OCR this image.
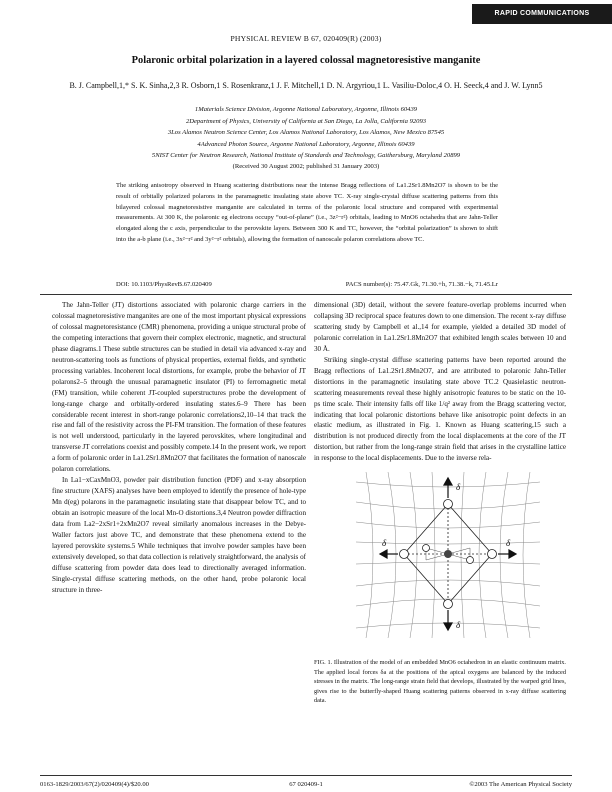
RAPID COMMUNICATIONS
PHYSICAL REVIEW B 67, 020409(R) (2003)
Polaronic orbital polarization in a layered colossal magnetoresistive manganite
B. J. Campbell,1,* S. K. Sinha,2,3 R. Osborn,1 S. Rosenkranz,1 J. F. Mitchell,1 D. N. Argyriou,1 L. Vasiliu-Doloc,4 O. H. Seeck,4 and J. W. Lynn5
1Materials Science Division, Argonne National Laboratory, Argonne, Illinois 60439
2Department of Physics, University of California at San Diego, La Jolla, California 92093
3Los Alamos Neutron Science Center, Los Alamos National Laboratory, Los Alamos, New Mexico 87545
4Advanced Photon Source, Argonne National Laboratory, Argonne, Illinois 60439
5NIST Center for Neutron Research, National Institute of Standards and Technology, Gaithersburg, Maryland 20899
(Received 30 August 2002; published 31 January 2003)
The striking anisotropy observed in Huang scattering distributions near the intense Bragg reflections of La1.2Sr1.8Mn2O7 is shown to be the result of orbitally polarized polarons in the paramagnetic insulating state above TC. X-ray single-crystal diffuse scattering patterns from this bilayered colossal magnetoresistive manganite are calculated in terms of the polaronic local structure and compared with experimental measurements. At 300 K, the polaronic eg electrons occupy “out-of-plane” (i.e., 3z²−r²) orbitals, leading to MnO6 octahedra that are Jahn-Teller elongated along the c axis, perpendicular to the perovskite layers. Between 300 K and TC, however, the “orbital polarization” is shown to shift into the a-b plane (i.e., 3x²−r² and 3y²−r² orbitals), allowing the formation of nanoscale polaron correlations above TC.
DOI: 10.1103/PhysRevB.67.020409	PACS number(s): 75.47.Gk, 71.30.+h, 71.38.−k, 71.45.Lr

The Jahn-Teller (JT) distortions associated with polaronic charge carriers in the colossal magnetoresistive manganites are one of the most important physical expressions of colossal magnetoresistance (CMR) phenomena, providing a unique structural probe of the competing interactions that govern their complex electronic, magnetic, and structural phase diagrams.1 These subtle structures can be studied in detail via advanced x-ray and neutron-scattering tools as functions of physical properties, external fields, and synthetic processing variables. Incoherent local distortions, for example, probe the behavior of JT polarons2–5 through the unusual paramagnetic insulator (PI) to ferromagnetic metal (FM) transition, while coherent JT-coupled superstructures probe the development of long-range charge and orbitally-ordered insulating states.6–9 There has been considerable recent interest in short-range polaronic correlations2,10–14 that track the rise and fall of the resistivity across the PI-FM transition. The formation of these features is not well understood, particularly in the layered perovskites, where longitudinal and transverse JT correlations coexist and possibly compete.14 In the present work, we report a form of polaronic order in La1.2Sr1.8Mn2O7 that facilitates the formation of nanoscale polaron correlations.

In La1−xCaxMnO3, powder pair distribution function (PDF) and x-ray absorption fine structure (XAFS) analyses have been employed to identify the presence of hole-type Mn d(eg) polarons in the paramagnetic insulating state that disappear below TC, and to obtain an isotropic measure of the local Mn-O distortions.3,4 Neutron powder diffraction data from La2−2xSr1+2xMn2O7 reveal similarly anomalous increases in the Debye-Waller factors just above TC, and demonstrate that these phenomena extend to the layered perovskite systems.5 While techniques that involve powder samples have been extensively developed, so that data collection is relatively straightforward, the analysis of diffuse scattering from powder data does lead to directionally averaged information. Single-crystal diffuse scattering methods, on the other hand, probe polaronic local structure in three-

dimensional (3D) detail, without the severe feature-overlap problems incurred when collapsing 3D reciprocal space features down to one dimension. The recent x-ray diffuse scattering study by Campbell et al.,14 for example, yielded a detailed 3D model of polaronic correlation in La1.2Sr1.8Mn2O7 that exhibited length scales between 10 and 30 Å.

Striking single-crystal diffuse scattering patterns have been reported around the Bragg reflections of La1.2Sr1.8Mn2O7, and are attributed to polaronic Jahn-Teller distortions in the paramagnetic insulating state above TC.2 Quasielastic neutron-scattering measurements reveal these highly anisotropic features to be static on the 10-ps time scale. Their intensity falls off like 1/q² away from the Bragg scattering vector, indicating that local polaronic distortions behave like anisotropic point defects in an elastic medium, as illustrated in Fig. 1. Known as Huang scattering,15 such a distribution is not produced directly from the local displacements at the core of the JT distortion, but rather from the long-range strain field that arises in the crystalline lattice in response to the local displacements. Due to the inverse rela-

δ
δ
δ	δ
FIG. 1. Illustration of the model of an embedded MnO6 octahedron in an elastic continuum matrix. The applied local forces δa at the positions of the apical oxygens are balanced by the induced stresses in the matrix. The long-range strain field that develops, illustrated by the warped grid lines, gives rise to the butterfly-shaped Huang scattering patterns observed in x-ray diffuse scattering data.
0163-1829/2003/67(2)/020409(4)/$20.00	67 020409-1	©2003 The American Physical Society
